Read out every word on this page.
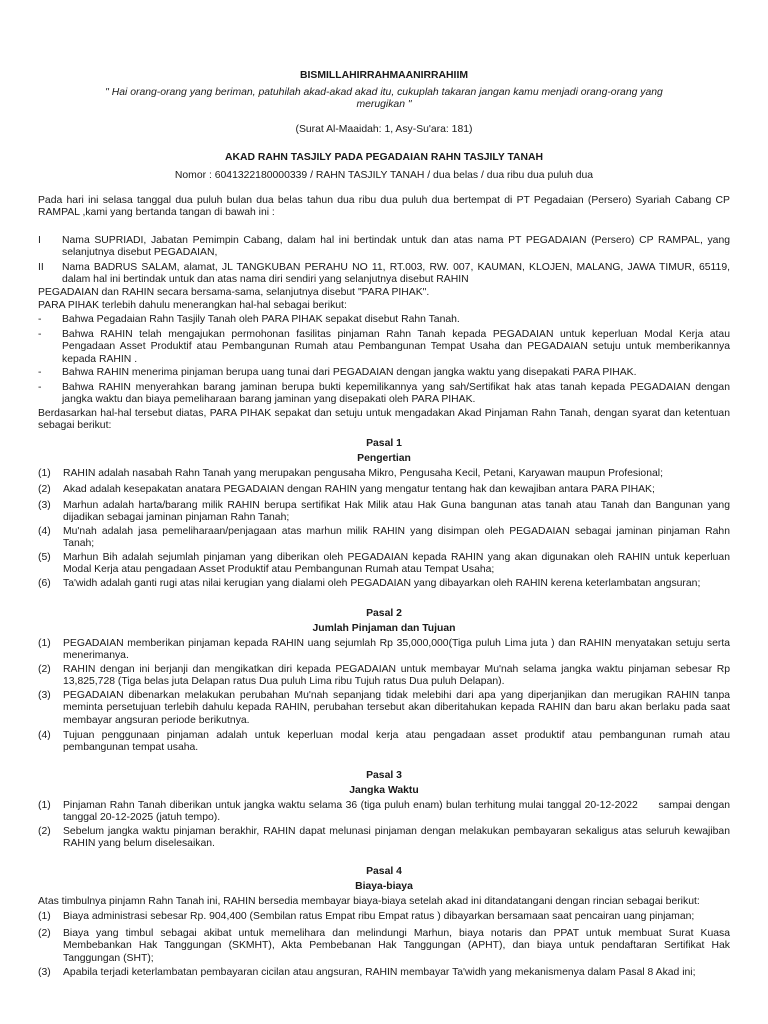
BISMILLAHIRRAHMAANIRRAHIIM

" Hai orang-orang yang beriman, patuhilah akad-akad akad itu, cukuplah takaran jangan kamu menjadi orang-orang yang merugikan "

(Surat Al-Maaidah: 1, Asy-Su'ara: 181)

AKAD RAHN TASJILY PADA PEGADAIAN RAHN TASJILY TANAH

Nomor : 6041322180000339 / RAHN TASJILY TANAH / dua belas / dua ribu dua puluh dua

Pada hari ini selasa tanggal dua puluh bulan dua belas tahun dua ribu dua puluh dua bertempat di PT Pegadaian (Persero) Syariah Cabang CP RAMPAL ,kami yang bertanda tangan di bawah ini :

I Nama SUPRIADI, Jabatan Pemimpin Cabang, dalam hal ini bertindak untuk dan atas nama PT PEGADAIAN (Persero) CP RAMPAL, yang selanjutnya disebut PEGADAIAN,

II Nama BADRUS SALAM, alamat, JL TANGKUBAN PERAHU NO 11, RT.003, RW. 007, KAUMAN, KLOJEN, MALANG, JAWA TIMUR, 65119, dalam hal ini bertindak untuk dan atas nama diri sendiri yang selanjutnya disebut RAHIN

PEGADAIAN dan RAHIN secara bersama-sama, selanjutnya disebut "PARA PIHAK".

PARA PIHAK terlebih dahulu menerangkan hal-hal sebagai berikut:

- Bahwa Pegadaian Rahn Tasjily Tanah oleh PARA PIHAK sepakat disebut Rahn Tanah.

- Bahwa RAHIN telah mengajukan permohonan fasilitas pinjaman Rahn Tanah kepada PEGADAIAN untuk keperluan Modal Kerja atau Pengadaan Asset Produktif atau Pembangunan Rumah atau Pembangunan Tempat Usaha dan PEGADAIAN setuju untuk memberikannya kepada RAHIN .

- Bahwa RAHIN menerima pinjaman berupa uang tunai dari PEGADAIAN dengan jangka waktu yang disepakati PARA PIHAK.

- Bahwa RAHIN menyerahkan barang jaminan berupa bukti kepemilikannya yang sah/Sertifikat hak atas tanah kepada PEGADAIAN dengan jangka waktu dan biaya pemeliharaan barang jaminan yang disepakati oleh PARA PIHAK.

Berdasarkan hal-hal tersebut diatas, PARA PIHAK sepakat dan setuju untuk mengadakan Akad Pinjaman Rahn Tanah, dengan syarat dan ketentuan sebagai berikut:

Pasal 1

Pengertian

(1) RAHIN adalah nasabah Rahn Tanah yang merupakan pengusaha Mikro, Pengusaha Kecil, Petani, Karyawan maupun Profesional;

(2) Akad adalah kesepakatan anatara PEGADAIAN dengan RAHIN yang mengatur tentang hak dan kewajiban antara PARA PIHAK;

(3) Marhun adalah harta/barang milik RAHIN berupa sertifikat Hak Milik atau Hak Guna bangunan atas tanah atau Tanah dan Bangunan yang dijadikan sebagai jaminan pinjaman Rahn Tanah;

(4) Mu'nah adalah jasa pemeliharaan/penjagaan atas marhun milik RAHIN yang disimpan oleh PEGADAIAN sebagai jaminan pinjaman Rahn Tanah;

(5) Marhun Bih adalah sejumlah pinjaman yang diberikan oleh PEGADAIAN kepada RAHIN yang akan digunakan oleh RAHIN untuk keperluan Modal Kerja atau pengadaan Asset Produktif atau Pembangunan Rumah atau Tempat Usaha;

(6) Ta'widh adalah ganti rugi atas nilai kerugian yang dialami oleh PEGADAIAN yang dibayarkan oleh RAHIN kerena keterlambatan angsuran;

Pasal 2

Jumlah Pinjaman dan Tujuan

(1) PEGADAIAN memberikan pinjaman kepada RAHIN uang sejumlah Rp 35,000,000(Tiga puluh Lima juta ) dan RAHIN menyatakan setuju serta menerimanya.

(2) RAHIN dengan ini berjanji dan mengikatkan diri kepada PEGADAIAN untuk membayar Mu'nah selama jangka waktu pinjaman sebesar Rp 13,825,728 (Tiga belas juta Delapan ratus Dua puluh Lima ribu Tujuh ratus Dua puluh Delapan).

(3) PEGADAIAN dibenarkan melakukan perubahan Mu'nah sepanjang tidak melebihi dari apa yang diperjanjikan dan merugikan RAHIN tanpa meminta persetujuan terlebih dahulu kepada RAHIN, perubahan tersebut akan diberitahukan kepada RAHIN dan baru akan berlaku pada saat membayar angsuran periode berikutnya.

(4) Tujuan penggunaan pinjaman adalah untuk keperluan modal kerja atau pengadaan asset produktif atau pembangunan rumah atau pembangunan tempat usaha.

Pasal 3

Jangka Waktu

(1) Pinjaman Rahn Tanah diberikan untuk jangka waktu selama 36 (tiga puluh enam) bulan terhitung mulai tanggal 20-12-2022      sampai dengan tanggal 20-12-2025 (jatuh tempo).

(2) Sebelum jangka waktu pinjaman berakhir, RAHIN dapat melunasi pinjaman dengan melakukan pembayaran sekaligus atas seluruh kewajiban RAHIN yang belum diselesaikan.

Pasal 4

Biaya-biaya

Atas timbulnya pinjamn Rahn Tanah ini, RAHIN bersedia membayar biaya-biaya setelah akad ini ditandatangani dengan rincian sebagai berikut:

(1) Biaya administrasi sebesar Rp. 904,400 (Sembilan ratus Empat ribu Empat ratus ) dibayarkan bersamaan saat pencairan uang pinjaman;

(2) Biaya yang timbul sebagai akibat untuk memelihara dan melindungi Marhun, biaya notaris dan PPAT untuk membuat Surat Kuasa Membebankan Hak Tanggungan (SKMHT), Akta Pembebanan Hak Tanggungan (APHT), dan biaya untuk pendaftaran Sertifikat Hak Tanggungan (SHT);

(3) Apabila terjadi keterlambatan pembayaran cicilan atau angsuran, RAHIN membayar Ta'widh yang mekanismenya dalam Pasal 8 Akad ini;
